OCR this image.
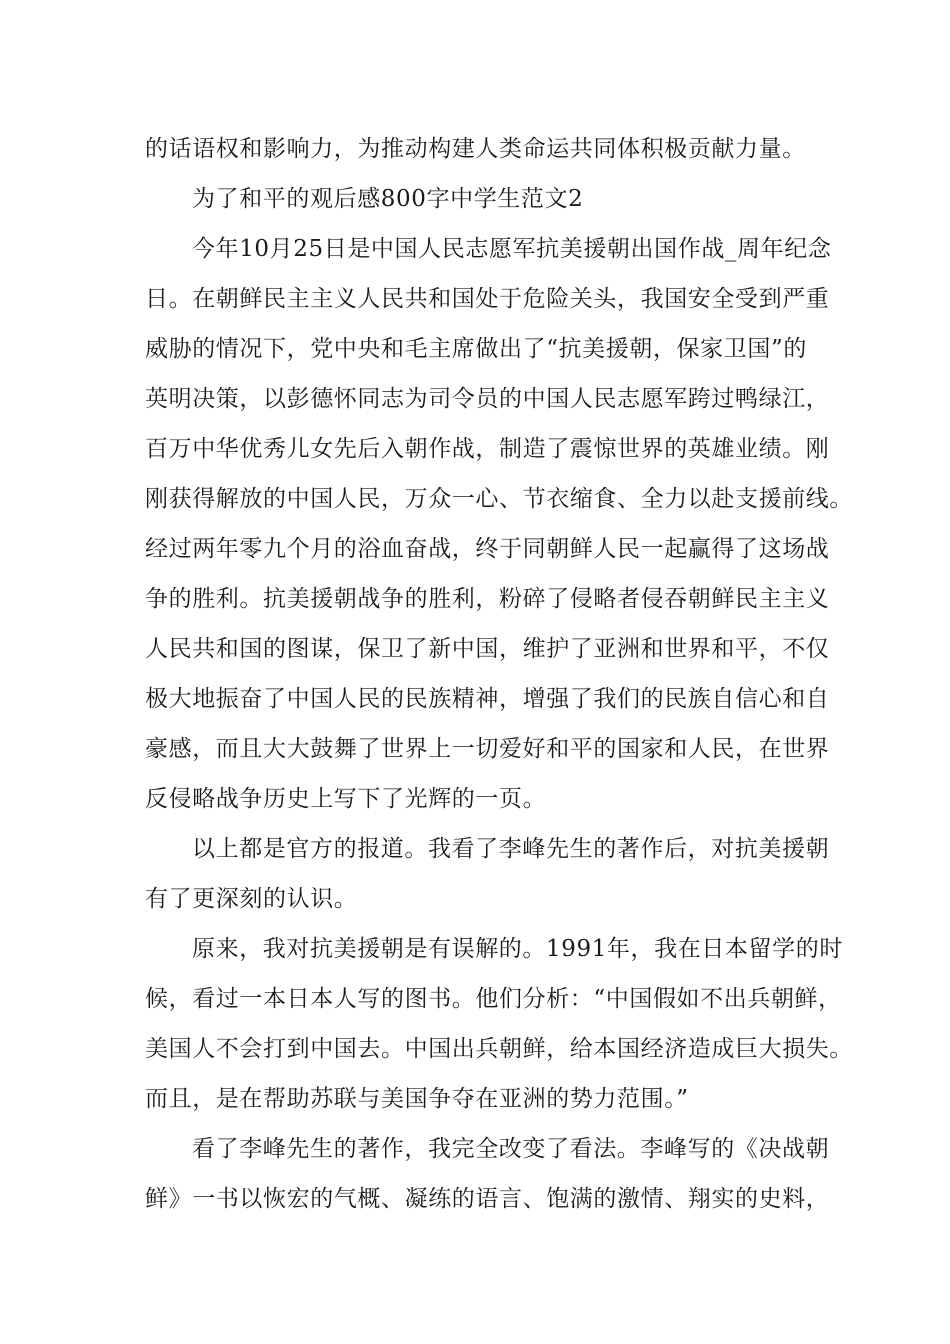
的话语权和影响力，为推动构建人类命运共同体积极贡献力量。
为了和平的观后感800字中学生范文2
今年10月25日是中国人民志愿军抗美援朝出国作战_周年纪念
日。在朝鲜民主主义人民共和国处于危险关头，我国安全受到严重
威胁的情况下，党中央和毛主席做出了“抗美援朝，保家卫国”的
英明决策，以彭德怀同志为司令员的中国人民志愿军跨过鸭绿江，
百万中华优秀儿女先后入朝作战，制造了震惊世界的英雄业绩。刚
刚获得解放的中国人民，万众一心、节衣缩食、全力以赴支援前线。
经过两年零九个月的浴血奋战，终于同朝鲜人民一起赢得了这场战
争的胜利。抗美援朝战争的胜利，粉碎了侵略者侵吞朝鲜民主主义
人民共和国的图谋，保卫了新中国，维护了亚洲和世界和平，不仅
极大地振奋了中国人民的民族精神，增强了我们的民族自信心和自
豪感，而且大大鼓舞了世界上一切爱好和平的国家和人民，在世界
反侵略战争历史上写下了光辉的一页。
以上都是官方的报道。我看了李峰先生的著作后，对抗美援朝
有了更深刻的认识。
原来，我对抗美援朝是有误解的。1991年，我在日本留学的时
候，看过一本日本人写的图书。他们分析：“中国假如不出兵朝鲜，
美国人不会打到中国去。中国出兵朝鲜，给本国经济造成巨大损失。
而且，是在帮助苏联与美国争夺在亚洲的势力范围。”
看了李峰先生的著作，我完全改变了看法。李峰写的《决战朝
鲜》一书以恢宏的气概、凝练的语言、饱满的激情、翔实的史料，
